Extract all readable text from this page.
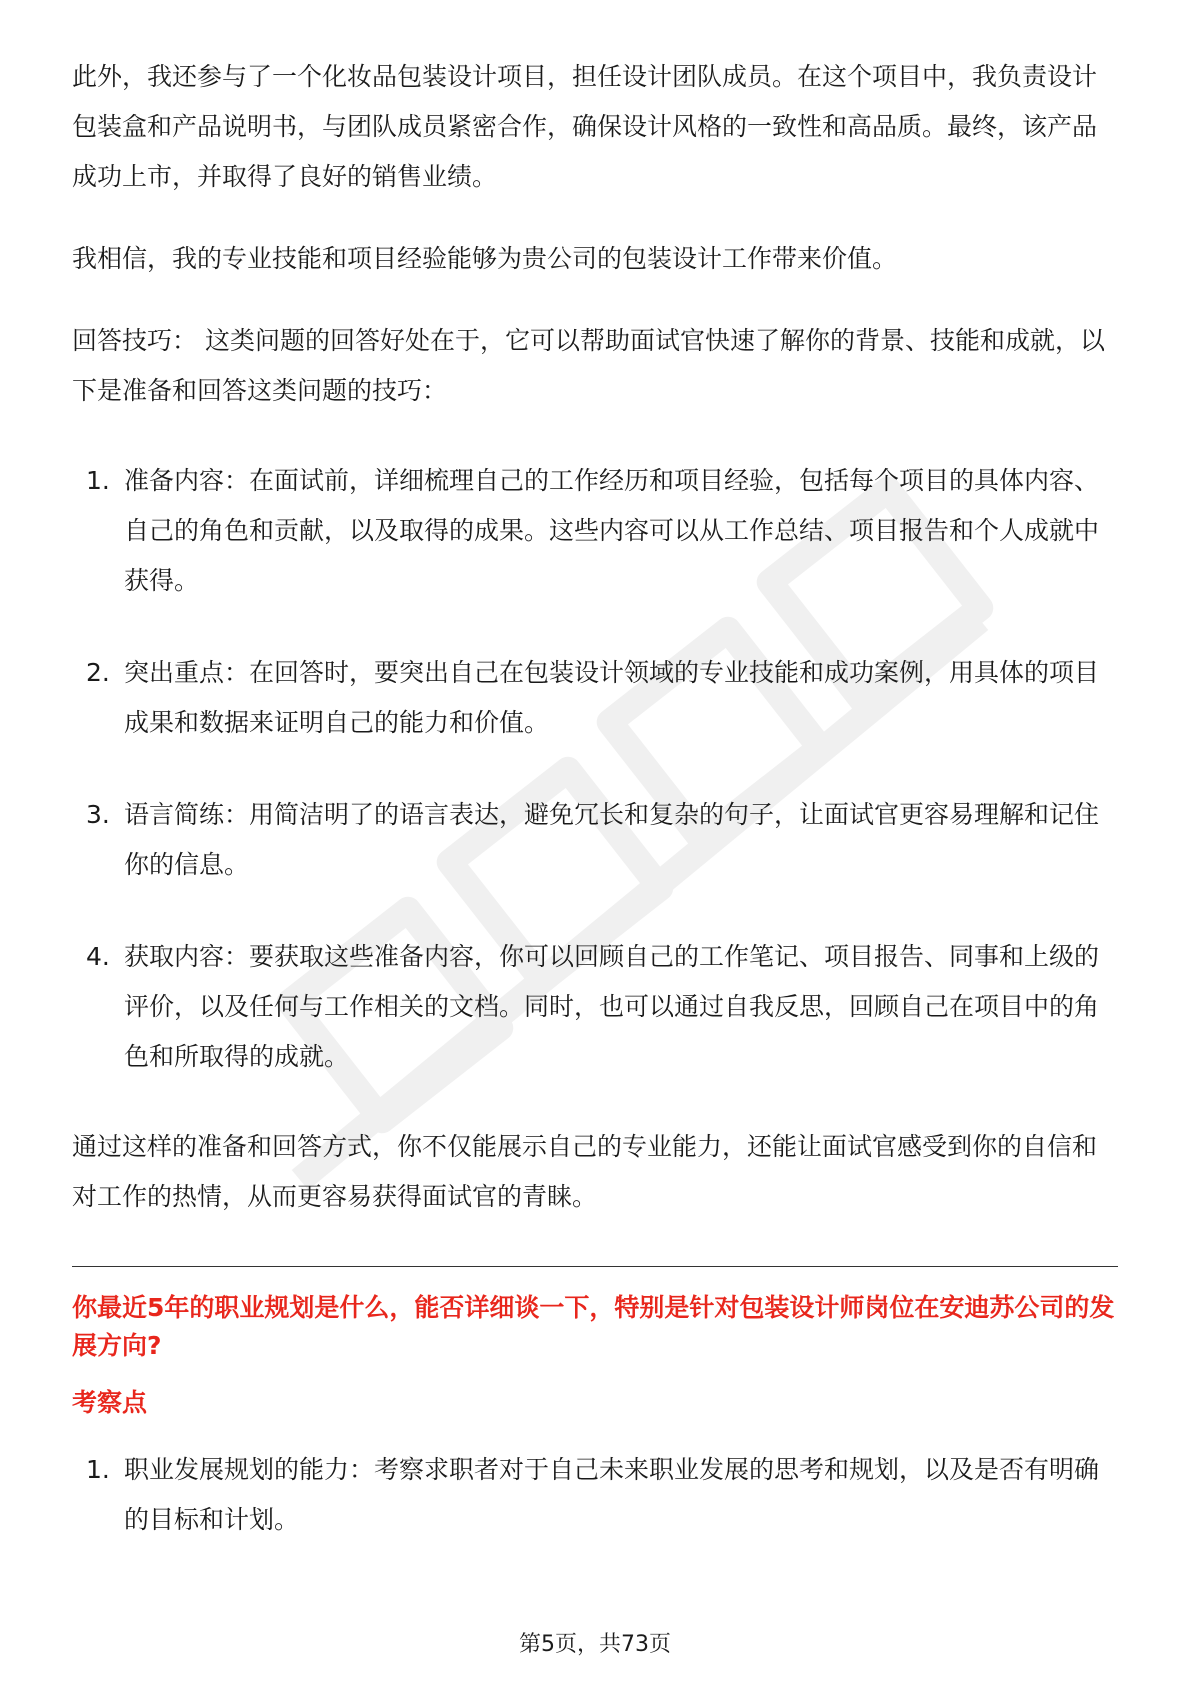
此外，我还参与了一个化妆品包装设计项目，担任设计团队成员。在这个项目中，我负责设计包装盒和产品说明书，与团队成员紧密合作，确保设计风格的一致性和高品质。最终，该产品成功上市，并取得了良好的销售业绩。

我相信，我的专业技能和项目经验能够为贵公司的包装设计工作带来价值。

回答技巧： 这类问题的回答好处在于，它可以帮助面试官快速了解你的背景、技能和成就，以下是准备和回答这类问题的技巧：

1. 准备内容：在面试前，详细梳理自己的工作经历和项目经验，包括每个项目的具体内容、自己的角色和贡献，以及取得的成果。这些内容可以从工作总结、项目报告和个人成就中获得。
2. 突出重点：在回答时，要突出自己在包装设计领域的专业技能和成功案例，用具体的项目成果和数据来证明自己的能力和价值。
3. 语言简练：用简洁明了的语言表达，避免冗长和复杂的句子，让面试官更容易理解和记住你的信息。
4. 获取内容：要获取这些准备内容，你可以回顾自己的工作笔记、项目报告、同事和上级的评价，以及任何与工作相关的文档。同时，也可以通过自我反思，回顾自己在项目中的角色和所取得的成就。

通过这样的准备和回答方式，你不仅能展示自己的专业能力，还能让面试官感受到你的自信和对工作的热情，从而更容易获得面试官的青睐。

你最近5年的职业规划是什么，能否详细谈一下，特别是针对包装设计师岗位在安迪苏公司的发展方向?

考察点

1. 职业发展规划的能力：考察求职者对于自己未来职业发展的思考和规划，以及是否有明确的目标和计划。
第5页，共73页
